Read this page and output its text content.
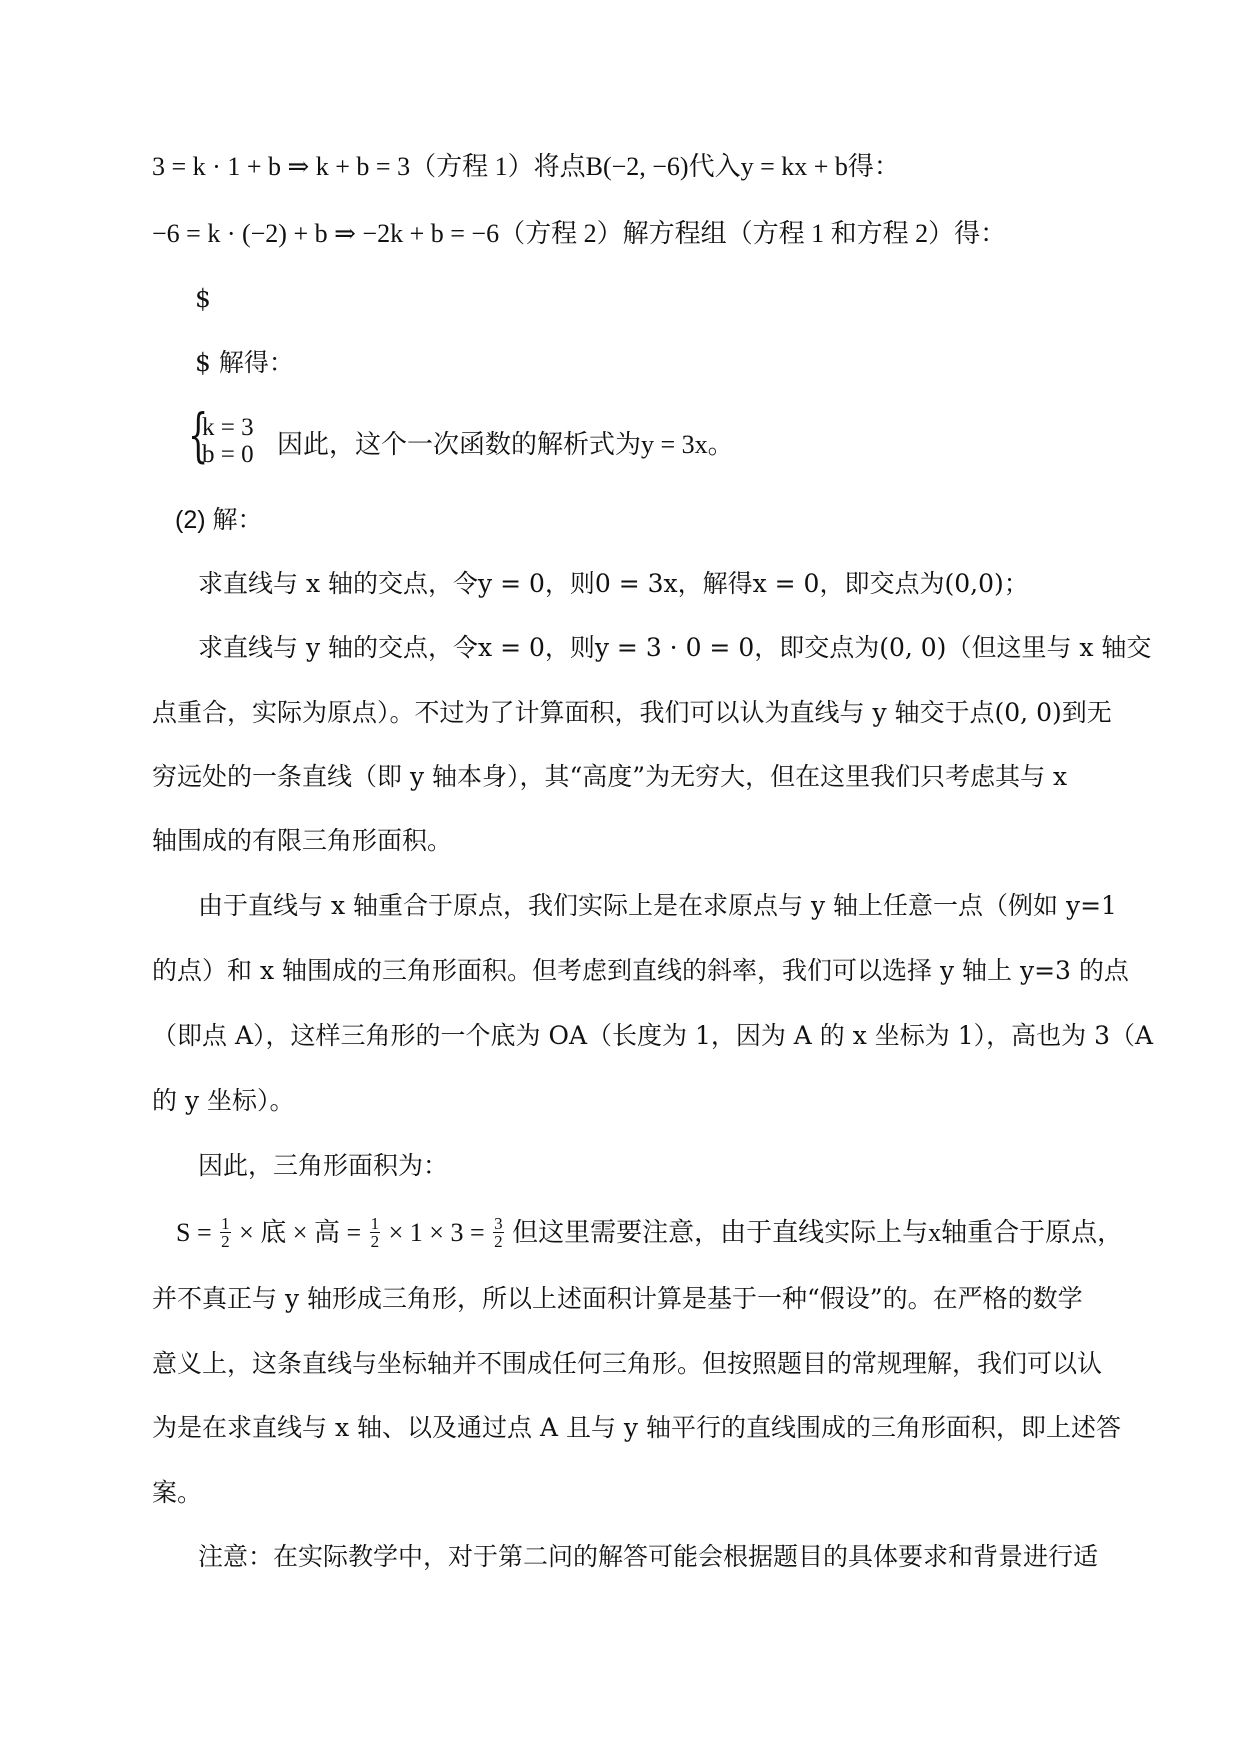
3 = k · 1 + b ⇒ k + b = 3（方程 1）将点B(−2, −6)代入y = kx + b得：
−6 = k · (−2) + b ⇒ −2k + b = −6（方程 2）解方程组（方程 1 和方程 2）得：
$
$ 解得：
{
k = 3
b = 0 因此，这个一次函数的解析式为y = 3x。
(2) 解：
求直线与 x 轴的交点，令y = 0，则0 = 3x，解得x = 0，即交点为(0,0)；
求直线与 y 轴的交点，令x = 0，则y = 3 · 0 = 0，即交点为(0, 0)（但这里与 x 轴交
点重合，实际为原点）。不过为了计算面积，我们可以认为直线与 y 轴交于点(0, 0)到无
穷远处的一条直线（即 y 轴本身），其“高度”为无穷大，但在这里我们只考虑其与 x
轴围成的有限三角形面积。
由于直线与 x 轴重合于原点，我们实际上是在求原点与 y 轴上任意一点（例如 y=1
的点）和 x 轴围成的三角形面积。但考虑到直线的斜率，我们可以选择 y 轴上 y=3 的点
（即点 A），这样三角形的一个底为 OA（长度为 1，因为 A 的 x 坐标为 1），高也为 3（A
的 y 坐标）。
因此，三角形面积为：
$S = \frac{1}{2}$ × 底 × 高 = $\frac{1}{2} \times 1 \times 3 = \frac{3}{2}$ 但这里需要注意，由于直线实际上与x轴重合于原点，
并不真正与 y 轴形成三角形，所以上述面积计算是基于一种“假设”的。在严格的数学
意义上，这条直线与坐标轴并不围成任何三角形。但按照题目的常规理解，我们可以认
为是在求直线与 x 轴、以及通过点 A 且与 y 轴平行的直线围成的三角形面积，即上述答
案。
注意：在实际教学中，对于第二问的解答可能会根据题目的具体要求和背景进行适
